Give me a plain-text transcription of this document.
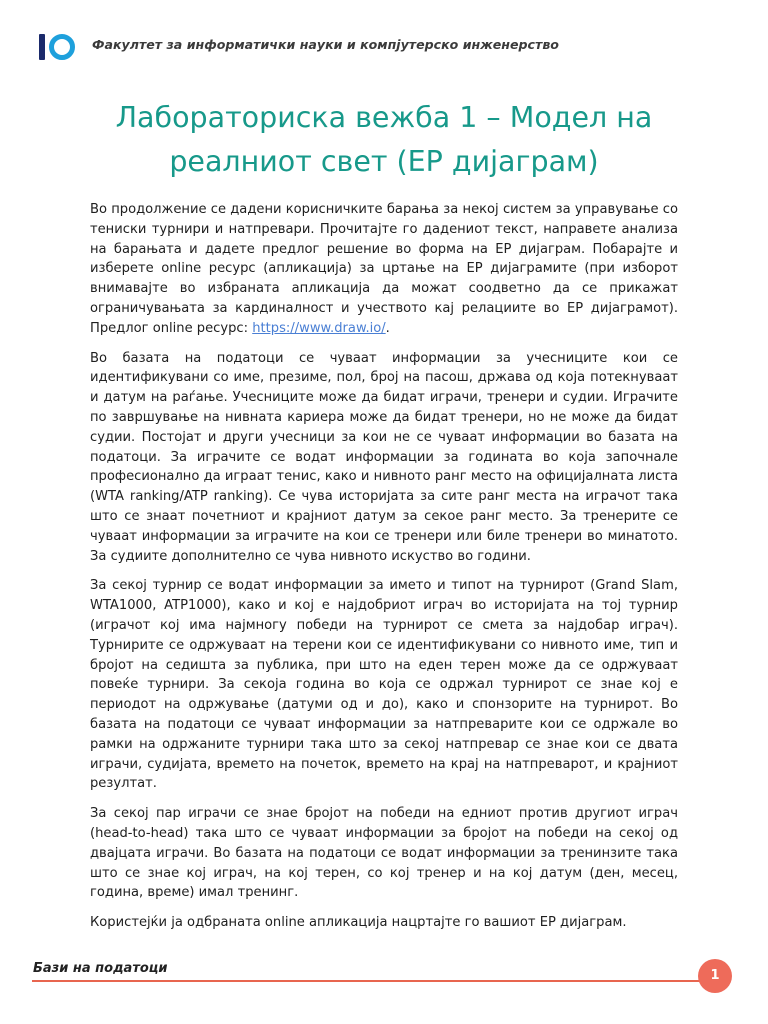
Факултет за информатички науки и компјутерско инженерство
Лабораториска вежба 1 – Модел на
реалниот свет (ЕР дијаграм)

Во продолжение се дадени корисничките барања за некој систем за управување со тениски турнири и натпревари. Прочитајте го дадениот текст, направете анализа на барањата и дадете предлог решение во форма на ЕР дијаграм. Побарајте и изберете online ресурс (апликација) за цртање на ЕР дијаграмите (при изборот внимавајте во избраната апликација да можат соодветно да се прикажат ограничувањата за кардиналност и учеството кај релациите во ЕР дијаграмот). Предлог online ресурс: https://www.draw.io/.

Во базата на податоци се чуваат информации за учесниците кои се идентификувани со име, презиме, пол, број на пасош, држава од која потекнуваат и датум на раѓање. Учесниците може да бидат играчи, тренери и судии. Играчите по завршување на нивната кариера може да бидат тренери, но не може да бидат судии. Постојат и други учесници за кои не се чуваат информации во базата на податоци. За играчите се водат информации за годината во која започнале професионално да играат тенис, како и нивното ранг место на официјалната листа (WTA ranking/ATP ranking). Се чува историјата за сите ранг места на играчот така што се знаат почетниот и крајниот датум за секое ранг место. За тренерите се чуваат информации за играчите на кои се тренери или биле тренери во минатото. За судиите дополнително се чува нивното искуство во години.

За секој турнир се водат информации за името и типот на турнирот (Grand Slam, WTA1000, ATP1000), како и кој е најдобриот играч во историјата на тој турнир (играчот кој има најмногу победи на турнирот се смета за најдобар играч). Турнирите се одржуваат на терени кои се идентификувани со нивното име, тип и бројот на седишта за публика, при што на еден терен може да се одржуваат повеќе турнири. За секоја година во која се одржал турнирот се знае кој е периодот на одржување (датуми од и до), како и спонзорите на турнирот. Во базата на податоци се чуваат информации за натпреварите кои се одржале во рамки на одржаните турнири така што за секој натпревар се знае кои се двата играчи, судијата, времето на почеток, времето на крај на натпреварот, и крајниот резултат.

За секој пар играчи се знае бројот на победи на едниот против другиот играч (head-to-head) така што се чуваат информации за бројот на победи на секој од двајцата играчи. Во базата на податоци се водат информации за тренинзите така што се знае кој играч, на кој терен, со кој тренер и на кој датум (ден, месец, година, време) имал тренинг.

Користејќи ја одбраната online апликација нацртајте го вашиот ЕР дијаграм.

Бази на податоци	1
